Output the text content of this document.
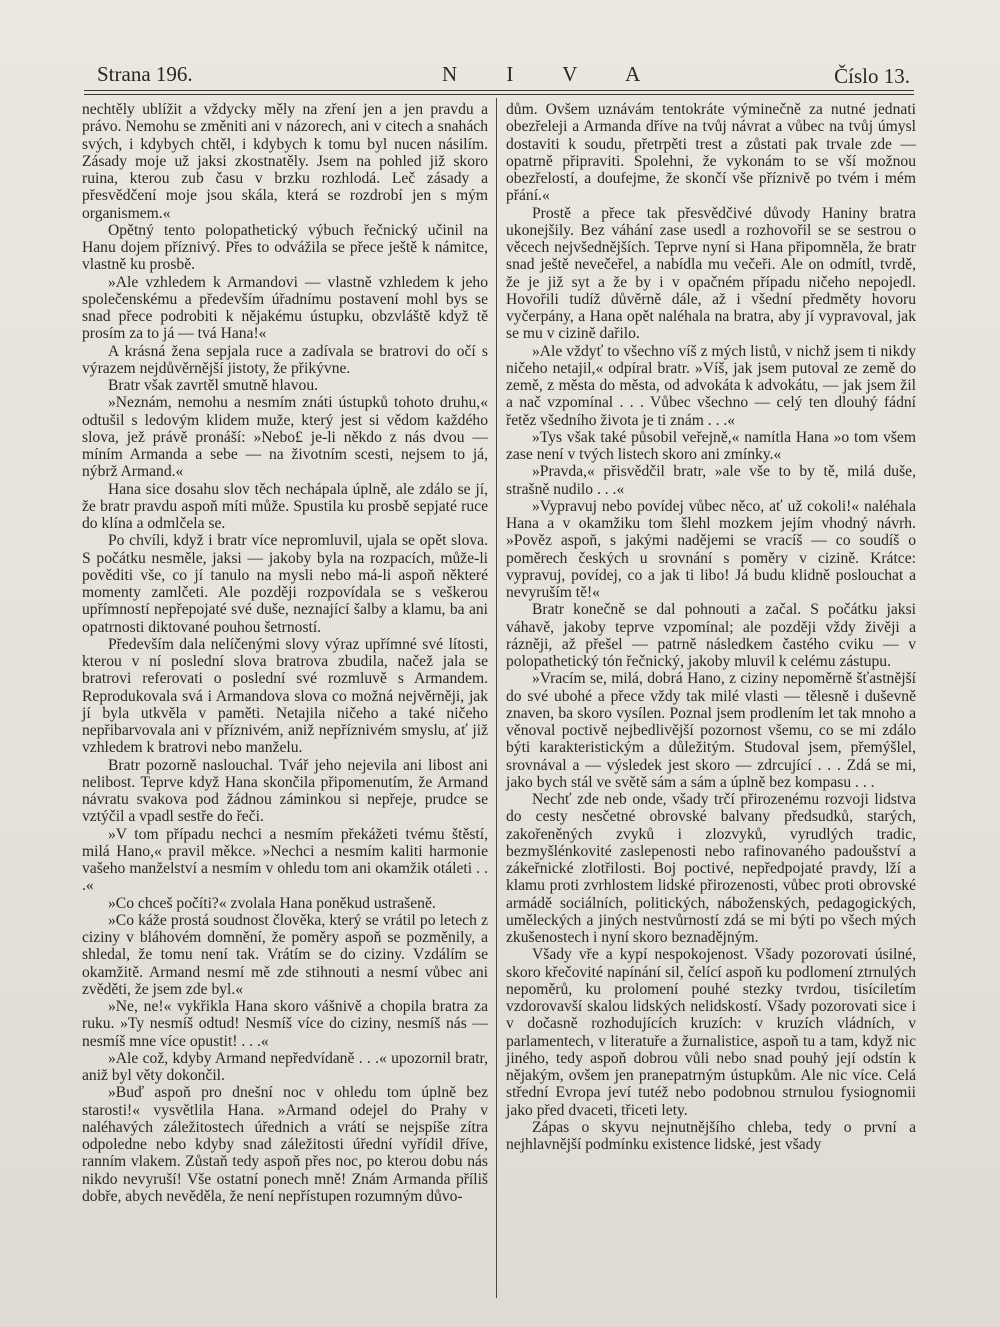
Strana 196.	N I V A	Číslo 13.

nechtěly ublížit a vždycky měly na zření jen a jen pravdu a právo. Nemohu se změniti ani v názorech, ani v citech a snahách svých, i kdybych chtěl, i kdybych k tomu byl nucen násilím. Zásady moje už jaksi zkostnatěly. Jsem na pohled již skoro ruina, kterou zub času v brzku rozhlodá. Leč zásady a přesvědčení moje jsou skála, která se rozdrobí jen s mým organismem.«

Opětný tento polopathetický výbuch řečnický učinil na Hanu dojem příznivý. Přes to odvážila se přece ještě k námitce, vlastně ku prosbě.

»Ale vzhledem k Armandovi — vlastně vzhledem k jeho společenskému a především úřadnímu postavení mohl bys se snad přece podrobiti k nějakému ústupku, obzvláště když tě prosím za to já — tvá Hana!«

A krásná žena sepjala ruce a zadívala se bratrovi do očí s výrazem nejdůvěrnější jistoty, že přikývne.

Bratr však zavrtěl smutně hlavou.

»Neznám, nemohu a nesmím znáti ústupků tohoto druhu,« odtušil s ledovým klidem muže, který jest si vědom každého slova, jež právě pronáší: »Nebo£ je-li někdo z nás dvou — míním Armanda a sebe — na životním scesti, nejsem to já, nýbrž Armand.«

Hana sice dosahu slov těch nechápala úplně, ale zdálo se jí, že bratr pravdu aspoň míti může. Spustila ku prosbě sepjaté ruce do klína a odmlčela se.

Po chvíli, když i bratr více nepromluvil, ujala se opět slova. S počátku nesměle, jaksi — jakoby byla na rozpacích, může-li pověditi vše, co jí tanulo na mysli nebo má-li aspoň některé momenty zamlčeti. Ale později rozpovídala se s veškerou upřímností nepřepojaté své duše, neznající šalby a klamu, ba ani opatrnosti diktované pouhou šetrností.

Především dala nelíčenými slovy výraz upřímné své lítosti, kterou v ní poslední slova bratrova zbudila, načež jala se bratrovi referovati o poslední své rozmluvě s Armandem. Reprodukovala svá i Armandova slova co možná nejvěrněji, jak jí byla utkvěla v paměti. Netajila ničeho a také ničeho nepřibarvovala ani v příznivém, aniž nepříznivém smyslu, ať již vzhledem k bratrovi nebo manželu.

Bratr pozorně naslouchal. Tvář jeho nejevila ani libost ani nelibost. Teprve když Hana skončila připomenutím, že Armand návratu svakova pod žádnou záminkou si nepřeje, prudce se vztýčil a vpadl sestře do řeči.

»V tom případu nechci a nesmím překážeti tvému štěstí, milá Hano,« pravil měkce. »Nechci a nesmím kaliti harmonie vašeho manželství a nesmím v ohledu tom ani okamžik otáleti . . .«

»Co chceš počíti?« zvolala Hana poněkud ustrašeně.

»Co káže prostá soudnost člověka, který se vrátil po letech z ciziny v bláhovém domnění, že poměry aspoň se pozměnily, a shledal, že tomu není tak. Vrátím se do ciziny. Vzdálím se okamžitě. Armand nesmí mě zde stihnouti a nesmí vůbec ani zvěděti, že jsem zde byl.«

»Ne, ne!« vykřikla Hana skoro vášnivě a chopila bratra za ruku. »Ty nesmíš odtud! Nesmíš více do ciziny, nesmíš nás — nesmíš mne více opustit! . . .«

»Ale což, kdyby Armand nepředvídaně . . .« upozornil bratr, aniž byl věty dokončil.

»Buď aspoň pro dnešní noc v ohledu tom úplně bez starosti!« vysvětlila Hana. »Armand odejel do Prahy v naléhavých záležitostech úřednich a vrátí se nejspíše zítra odpoledne nebo kdyby snad záležitosti úřední vyřídil dříve, ranním vlakem. Zůstaň tedy aspoň přes noc, po kterou dobu nás nikdo nevyruší! Vše ostatní ponech mně! Znám Armanda příliš dobře, abych nevěděla, že není nepřístupen rozumným důvo-

dům. Ovšem uznávám tentokráte výminečně za nutné jednati obezřeleji a Armanda dříve na tvůj návrat a vůbec na tvůj úmysl dostaviti k soudu, přetrpěti trest a zůstati pak trvale zde — opatrně připraviti. Spolehni, že vykonám to se vší možnou obezřelostí, a doufejme, že skončí vše příznivě po tvém i mém přání.«

Prostě a přece tak přesvědčivé důvody Haniny bratra ukonejšily. Bez váhání zase usedl a rozhovořil se se sestrou o věcech nejvšednějších. Teprve nyní si Hana připomněla, že bratr snad ještě nevečeřel, a nabídla mu večeři. Ale on odmítl, tvrdě, že je již syt a že by i v opačném případu ničeho nepojedl. Hovořili tudíž důvěrně dále, až i všední předměty hovoru vyčerpány, a Hana opět naléhala na bratra, aby jí vypravoval, jak se mu v cizině dařilo.

»Ale vždyť to všechno víš z mých listů, v nichž jsem ti nikdy ničeho netajil,« odpíral bratr. »Víš, jak jsem putoval ze země do země, z města do města, od advokáta k advokátu, — jak jsem žil a nač vzpomínal . . . Vůbec všechno — celý ten dlouhý fádní řetěz všedního života je ti znám . . .«

»Tys však také působil veřejně,« namítla Hana »o tom všem zase není v tvých listech skoro ani zmínky.«

»Pravda,« přisvědčil bratr, »ale vše to by tě, milá duše, strašně nudilo . . .«

»Vypravuj nebo povídej vůbec něco, ať už cokoli!« naléhala Hana a v okamžiku tom šlehl mozkem jejím vhodný návrh. »Pověz aspoň, s jakými nadějemi se vracíš — co soudíš o poměrech českých u srovnání s poměry v cizině. Krátce: vypravuj, povídej, co a jak ti libo! Já budu klidně poslouchat a nevyruším tě!«

Bratr konečně se dal pohnouti a začal. S počátku jaksi váhavě, jakoby teprve vzpomínal; ale později vždy živěji a rázněji, až přešel — patrně následkem častého cviku — v polopathetický tón řečnický, jakoby mluvil k celému zástupu.

»Vracím se, milá, dobrá Hano, z ciziny nepoměrně šťastnější do své ubohé a přece vždy tak milé vlasti — tělesně i duševně znaven, ba skoro vysílen. Poznal jsem prodlením let tak mnoho a věnoval poctivě nejbedlivější pozornost všemu, co se mi zdálo býti karakteristickým a důležitým. Studoval jsem, přemýšlel, srovnával a — výsledek jest skoro — zdrcující . . . Zdá se mi, jako bych stál ve světě sám a sám a úplně bez kompasu . . .

Nechť zde neb onde, všady trčí přirozenému rozvoji lidstva do cesty nesčetné obrovské balvany předsudků, starých, zakořeněných zvyků i zlozvyků, vyrudlých tradic, bezmyšlénkovité zaslepenosti nebo rafinovaného padoušství a zákeřnické zlotřilosti. Boj poctivé, nepředpojaté pravdy, lží a klamu proti zvrhlostem lidské přirozenosti, vůbec proti obrovské armádě sociálních, politických, náboženských, pedagogických, uměleckých a jiných nestvůrností zdá se mi býti po všech mých zkušenostech i nyní skoro beznadějným.

Všady vře a kypí nespokojenost. Všady pozorovati úsilné, skoro křečovité napínání sil, čelící aspoň ku podlomení ztrnulých nepoměrů, ku prolomení pouhé stezky tvrdou, tisíciletím vzdorovavší skalou lidských nelidskostí. Všady pozorovati sice i v dočasně rozhodujících kruzích: v kruzích vládních, v parlamentech, v literatuře a žurnalistice, aspoň tu a tam, když nic jiného, tedy aspoň dobrou vůli nebo snad pouhý její odstín k nějakým, ovšem jen pranepatrným ústupkům. Ale nic více. Celá střední Evropa jeví tutéž nebo podobnou strnulou fysiognomii jako před dvaceti, třiceti lety.

Zápas o skyvu nejnutnějšího chleba, tedy o první a nejhlavnější podmínku existence lidské, jest všady
